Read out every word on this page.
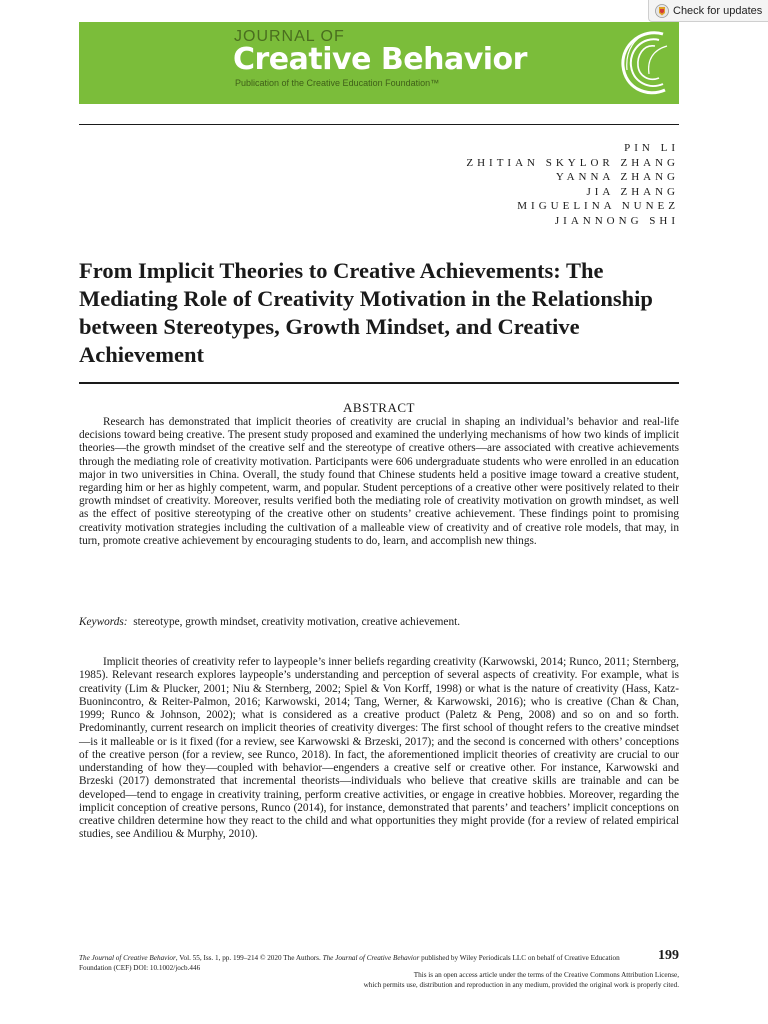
Check for updates
JOURNAL OF
Creative Behavior
Publication of the Creative Education Foundation™
PIN LI
ZHITIAN SKYLOR ZHANG
YANNA ZHANG
JIA ZHANG
MIGUELINA NUNEZ
JIANNONG SHI
From Implicit Theories to Creative Achievements: The Mediating Role of Creativity Motivation in the Relationship between Stereotypes, Growth Mindset, and Creative Achievement
ABSTRACT

Research has demonstrated that implicit theories of creativity are crucial in shaping an individual’s behavior and real-life decisions toward being creative. The present study proposed and examined the underlying mechanisms of how two kinds of implicit theories—the growth mindset of the creative self and the stereotype of creative others—are associated with creative achievements through the mediating role of creativity motivation. Participants were 606 undergraduate students who were enrolled in an education major in two universities in China. Overall, the study found that Chinese students held a positive image toward a creative student, regarding him or her as highly competent, warm, and popular. Student perceptions of a creative other were positively related to their growth mindset of creativity. Moreover, results verified both the mediating role of creativity motivation on growth mindset, as well as the effect of positive stereotyping of the creative other on students’ creative achievement. These findings point to promising creativity motivation strategies including the cultivation of a malleable view of creativity and of creative role models, that may, in turn, promote creative achievement by encouraging students to do, learn, and accomplish new things.

Keywords: stereotype, growth mindset, creativity motivation, creative achievement.

Implicit theories of creativity refer to laypeople’s inner beliefs regarding creativity (Karwowski, 2014; Runco, 2011; Sternberg, 1985). Relevant research explores laypeople’s understanding and perception of several aspects of creativity. For example, what is creativity (Lim & Plucker, 2001; Niu & Sternberg, 2002; Spiel & Von Korff, 1998) or what is the nature of creativity (Hass, Katz-Buonincontro, & Reiter-Palmon, 2016; Karwowski, 2014; Tang, Werner, & Karwowski, 2016); who is creative (Chan & Chan, 1999; Runco & Johnson, 2002); what is considered as a creative product (Paletz & Peng, 2008) and so on and so forth. Predominantly, current research on implicit theories of creativity diverges: The first school of thought refers to the creative mindset—is it malleable or is it fixed (for a review, see Karwowski & Brzeski, 2017); and the second is concerned with others’ conceptions of the creative person (for a review, see Runco, 2018). In fact, the aforementioned implicit theories of creativity are crucial to our understanding of how they—coupled with behavior—engenders a creative self or creative other. For instance, Karwowski and Brzeski (2017) demonstrated that incremental theorists—individuals who believe that creative skills are trainable and can be developed—tend to engage in creativity training, perform creative activities, or engage in creative hobbies. Moreover, regarding the implicit conception of creative persons, Runco (2014), for instance, demonstrated that parents’ and teachers’ implicit conceptions on creative children determine how they react to the child and what opportunities they might provide (for a review of related empirical studies, see Andiliou & Murphy, 2010).

The Journal of Creative Behavior, Vol. 55, Iss. 1, pp. 199–214 © 2020 The Authors. The Journal of Creative Behavior published by Wiley Periodicals LLC on behalf of Creative Education Foundation (CEF) DOI: 10.1002/jocb.446
199
This is an open access article under the terms of the Creative Commons Attribution License,
which permits use, distribution and reproduction in any medium, provided the original work is properly cited.
